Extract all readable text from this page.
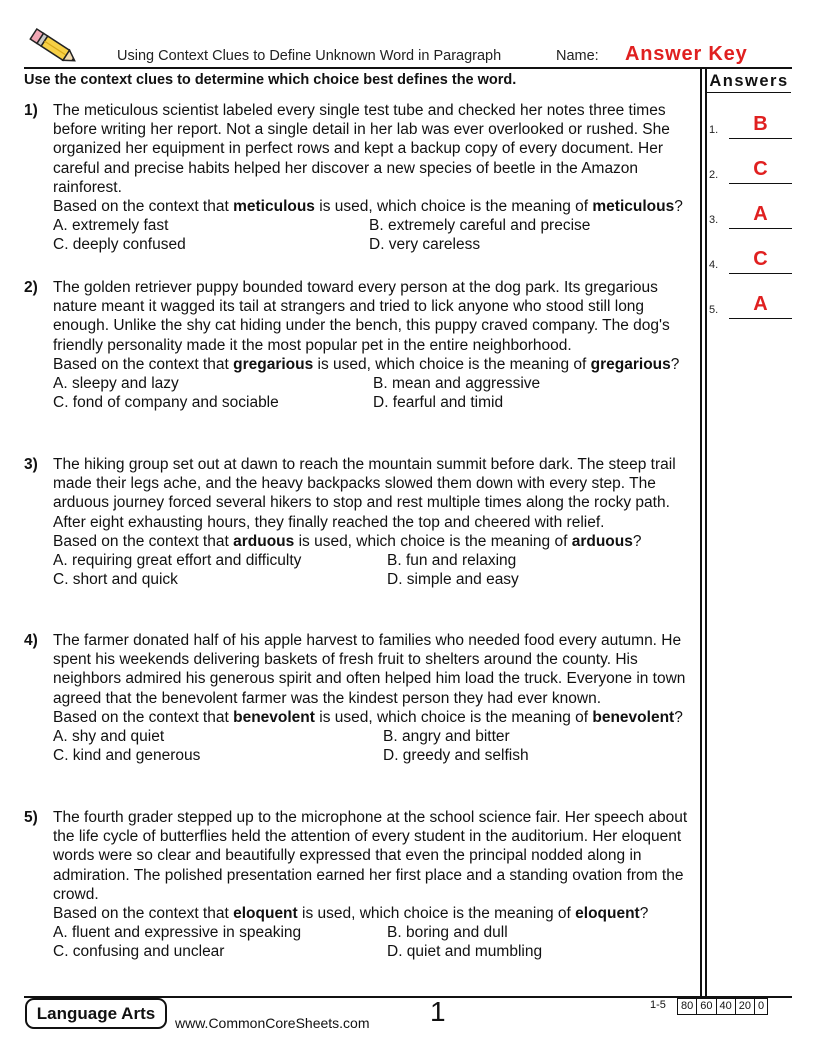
Using Context Clues to Define Unknown Word in Paragraph	Name: Answer Key
Use the context clues to determine which choice best defines the word.	Answers
1.	B
2.	C
3.	A
4.	C
5.	A
1) The meticulous scientist labeled every single test tube and checked her notes three times before writing her report. Not a single detail in her lab was ever overlooked or rushed. She organized her equipment in perfect rows and kept a backup copy of every document. Her careful and precise habits helped her discover a new species of beetle in the Amazon rainforest.
Based on the context that meticulous is used, which choice is the meaning of meticulous?
A. extremely fast	B. extremely careful and precise
C. deeply confused	D. very careless
2) The golden retriever puppy bounded toward every person at the dog park. Its gregarious nature meant it wagged its tail at strangers and tried to lick anyone who stood still long enough. Unlike the shy cat hiding under the bench, this puppy craved company. The dog's friendly personality made it the most popular pet in the entire neighborhood.
Based on the context that gregarious is used, which choice is the meaning of gregarious?
A. sleepy and lazy	B. mean and aggressive
C. fond of company and sociable	D. fearful and timid
3) The hiking group set out at dawn to reach the mountain summit before dark. The steep trail made their legs ache, and the heavy backpacks slowed them down with every step. The arduous journey forced several hikers to stop and rest multiple times along the rocky path. After eight exhausting hours, they finally reached the top and cheered with relief.
Based on the context that arduous is used, which choice is the meaning of arduous?
A. requiring great effort and difficulty	B. fun and relaxing
C. short and quick	D. simple and easy
4) The farmer donated half of his apple harvest to families who needed food every autumn. He spent his weekends delivering baskets of fresh fruit to shelters around the county. His neighbors admired his generous spirit and often helped him load the truck. Everyone in town agreed that the benevolent farmer was the kindest person they had ever known.
Based on the context that benevolent is used, which choice is the meaning of benevolent?
A. shy and quiet	B. angry and bitter
C. kind and generous	D. greedy and selfish
5) The fourth grader stepped up to the microphone at the school science fair. Her speech about the life cycle of butterflies held the attention of every student in the auditorium. Her eloquent words were so clear and beautifully expressed that even the principal nodded along in admiration. The polished presentation earned her first place and a standing ovation from the crowd.
Based on the context that eloquent is used, which choice is the meaning of eloquent?
A. fluent and expressive in speaking	B. boring and dull
C. confusing and unclear	D. quiet and mumbling
Language Arts	www.CommonCoreSheets.com 1	1-5 80 60 40 20 0
